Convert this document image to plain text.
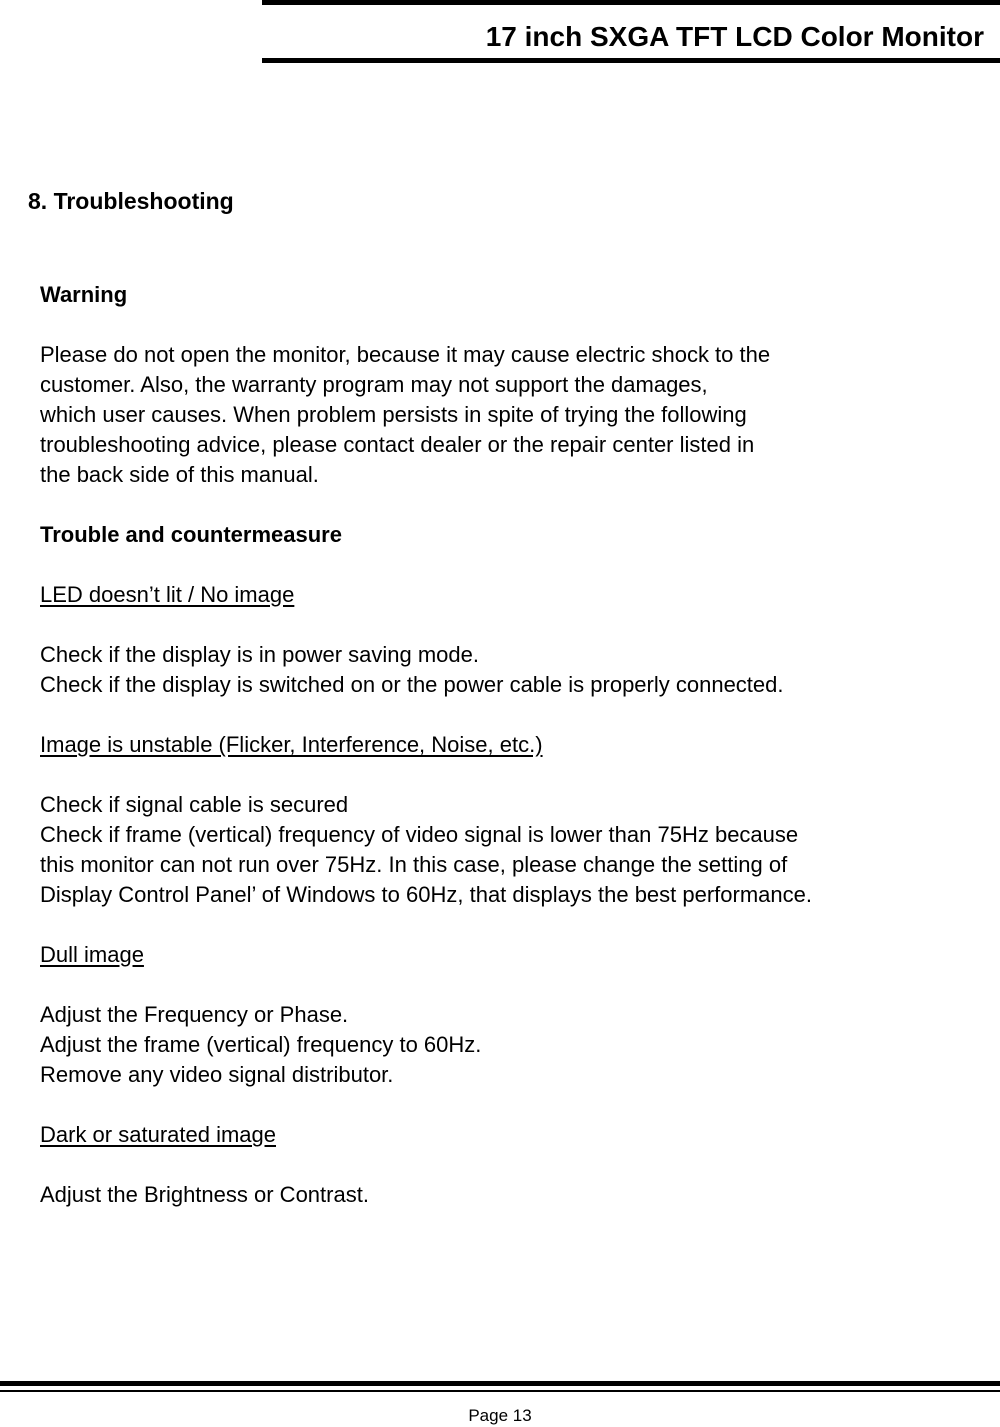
17 inch SXGA TFT LCD Color Monitor
8. Troubleshooting
Warning
Please do not open the monitor, because it may cause electric shock to the
customer. Also, the warranty program may not support the damages,
which user causes. When problem persists in spite of trying the following
troubleshooting advice, please contact dealer or the repair center listed in
the back side of this manual.
Trouble and countermeasure
LED doesn’t lit / No image
Check if the display is in power saving mode.
Check if the display is switched on or the power cable is properly connected.
Image is unstable (Flicker, Interference, Noise, etc.)
Check if signal cable is secured
Check if frame (vertical) frequency of video signal is lower than 75Hz because
this monitor can not run over 75Hz. In this case, please change the setting of
Display Control Panel’ of Windows to 60Hz, that displays the best performance.
Dull image
Adjust the Frequency or Phase.
Adjust the frame (vertical) frequency to 60Hz.
Remove any video signal distributor.
Dark or saturated image
Adjust the Brightness or Contrast.
Page 13
